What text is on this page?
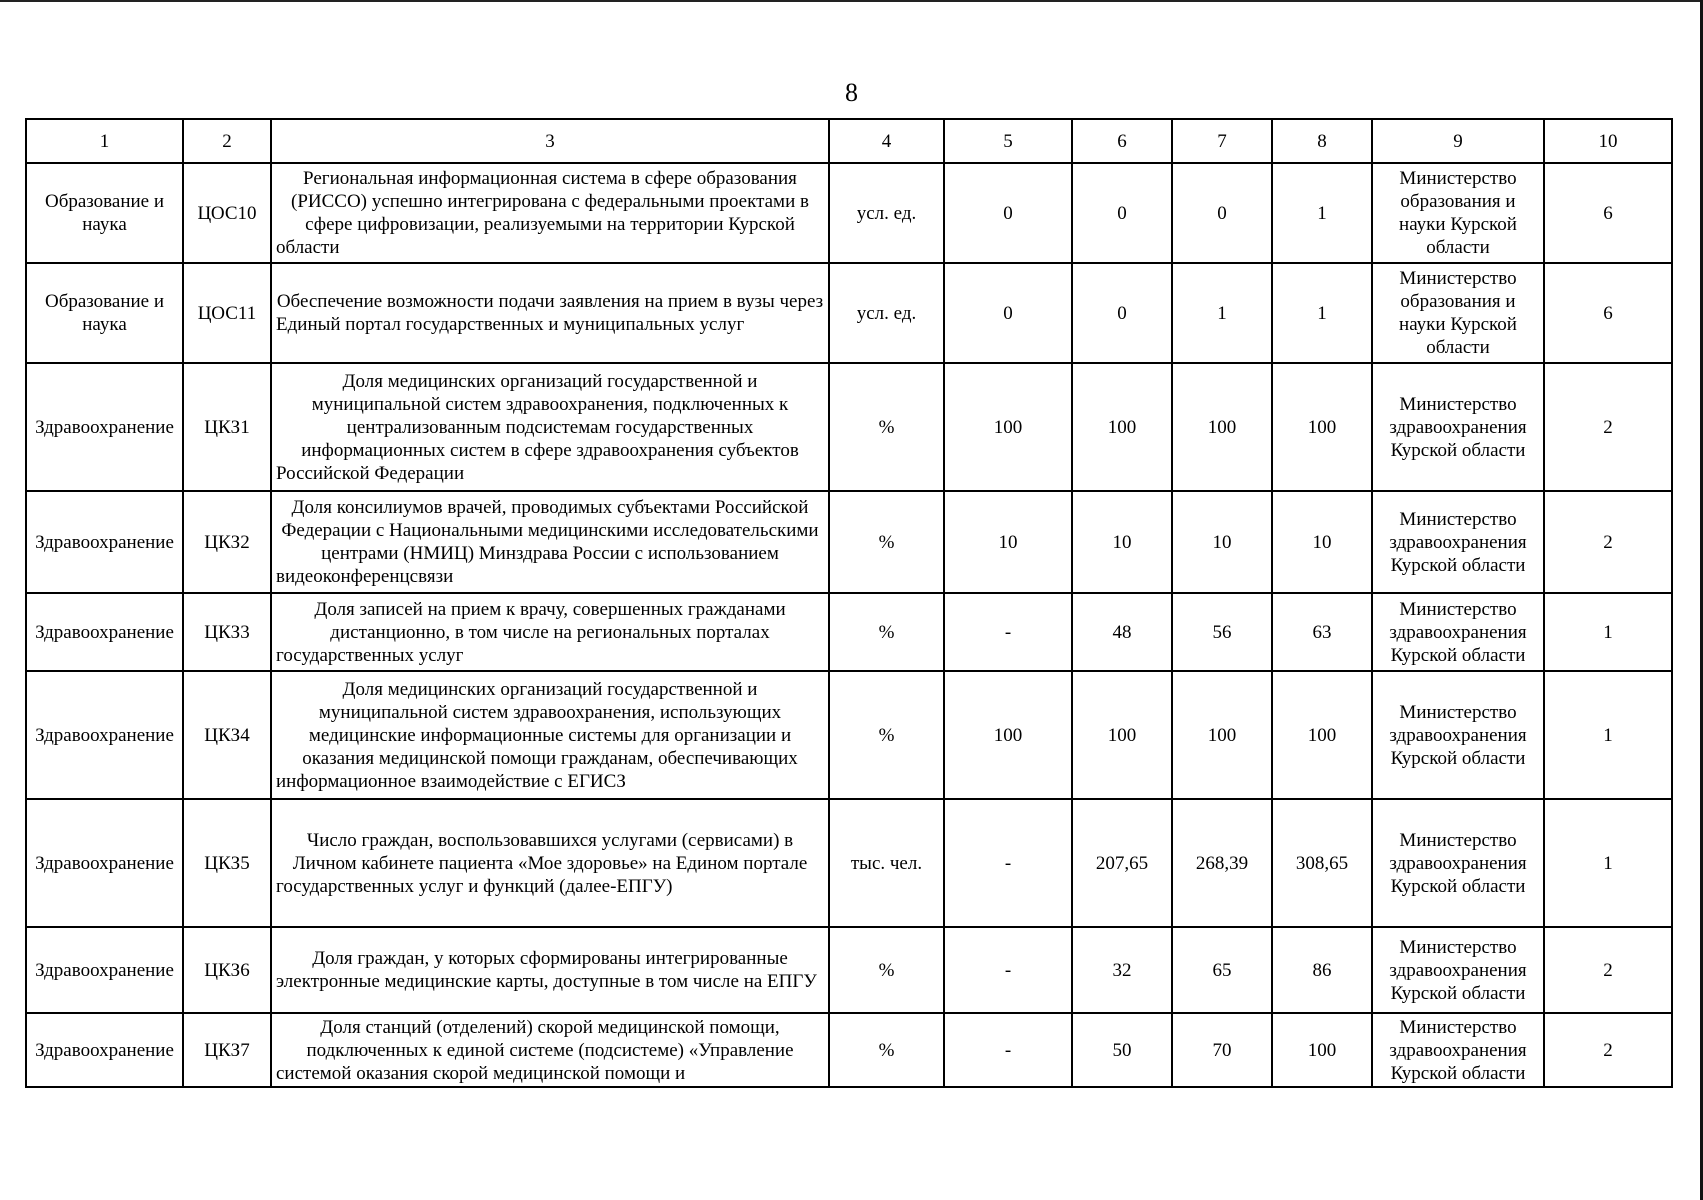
8
1	2	3	4	5	6	7	8	9	10
Образование и наука	ЦОС10	Региональная информационная система в сфере образования (РИССО) успешно интегрирована с федеральными проектами в сфере цифровизации, реализуемыми на территории Курской области	усл. ед.	0	0	0	1	Министерство образования и науки Курской области	6
Образование и наука	ЦОС11	Обеспечение возможности подачи заявления на прием в вузы через Единый портал государственных и муниципальных услуг	усл. ед.	0	0	1	1	Министерство образования и науки Курской области	6
Здравоохранение	ЦКЗ1	Доля медицинских организаций государственной и муниципальной систем здравоохранения, подключенных к централизованным подсистемам государственных информационных систем в сфере здравоохранения субъектов Российской Федерации	%	100	100	100	100	Министерство здравоохранения Курской области	2
Здравоохранение	ЦКЗ2	Доля консилиумов врачей, проводимых субъектами Российской Федерации с Национальными медицинскими исследовательскими центрами (НМИЦ) Минздрава России с использованием видеоконференцсвязи	%	10	10	10	10	Министерство здравоохранения Курской области	2
Здравоохранение	ЦКЗ3	Доля записей на прием к врачу, совершенных гражданами дистанционно, в том числе на региональных порталах государственных услуг	%	-	48	56	63	Министерство здравоохранения Курской области	1
Здравоохранение	ЦКЗ4	Доля медицинских организаций государственной и муниципальной систем здравоохранения, использующих медицинские информационные системы для организации и оказания медицинской помощи гражданам, обеспечивающих информационное взаимодействие с ЕГИСЗ	%	100	100	100	100	Министерство здравоохранения Курской области	1
Здравоохранение	ЦКЗ5	Число граждан, воспользовавшихся услугами (сервисами) в Личном кабинете пациента «Мое здоровье» на Едином портале государственных услуг и функций (далее-ЕПГУ)	тыс. чел.	-	207,65	268,39	308,65	Министерство здравоохранения Курской области	1
Здравоохранение	ЦКЗ6	Доля граждан, у которых сформированы интегрированные электронные медицинские карты, доступные в том числе на ЕПГУ	%	-	32	65	86	Министерство здравоохранения Курской области	2
Здравоохранение	ЦКЗ7	Доля станций (отделений) скорой медицинской помощи, подключенных к единой системе (подсистеме) «Управление системой оказания скорой медицинской помощи и	%	-	50	70	100	Министерство здравоохранения Курской области	2
